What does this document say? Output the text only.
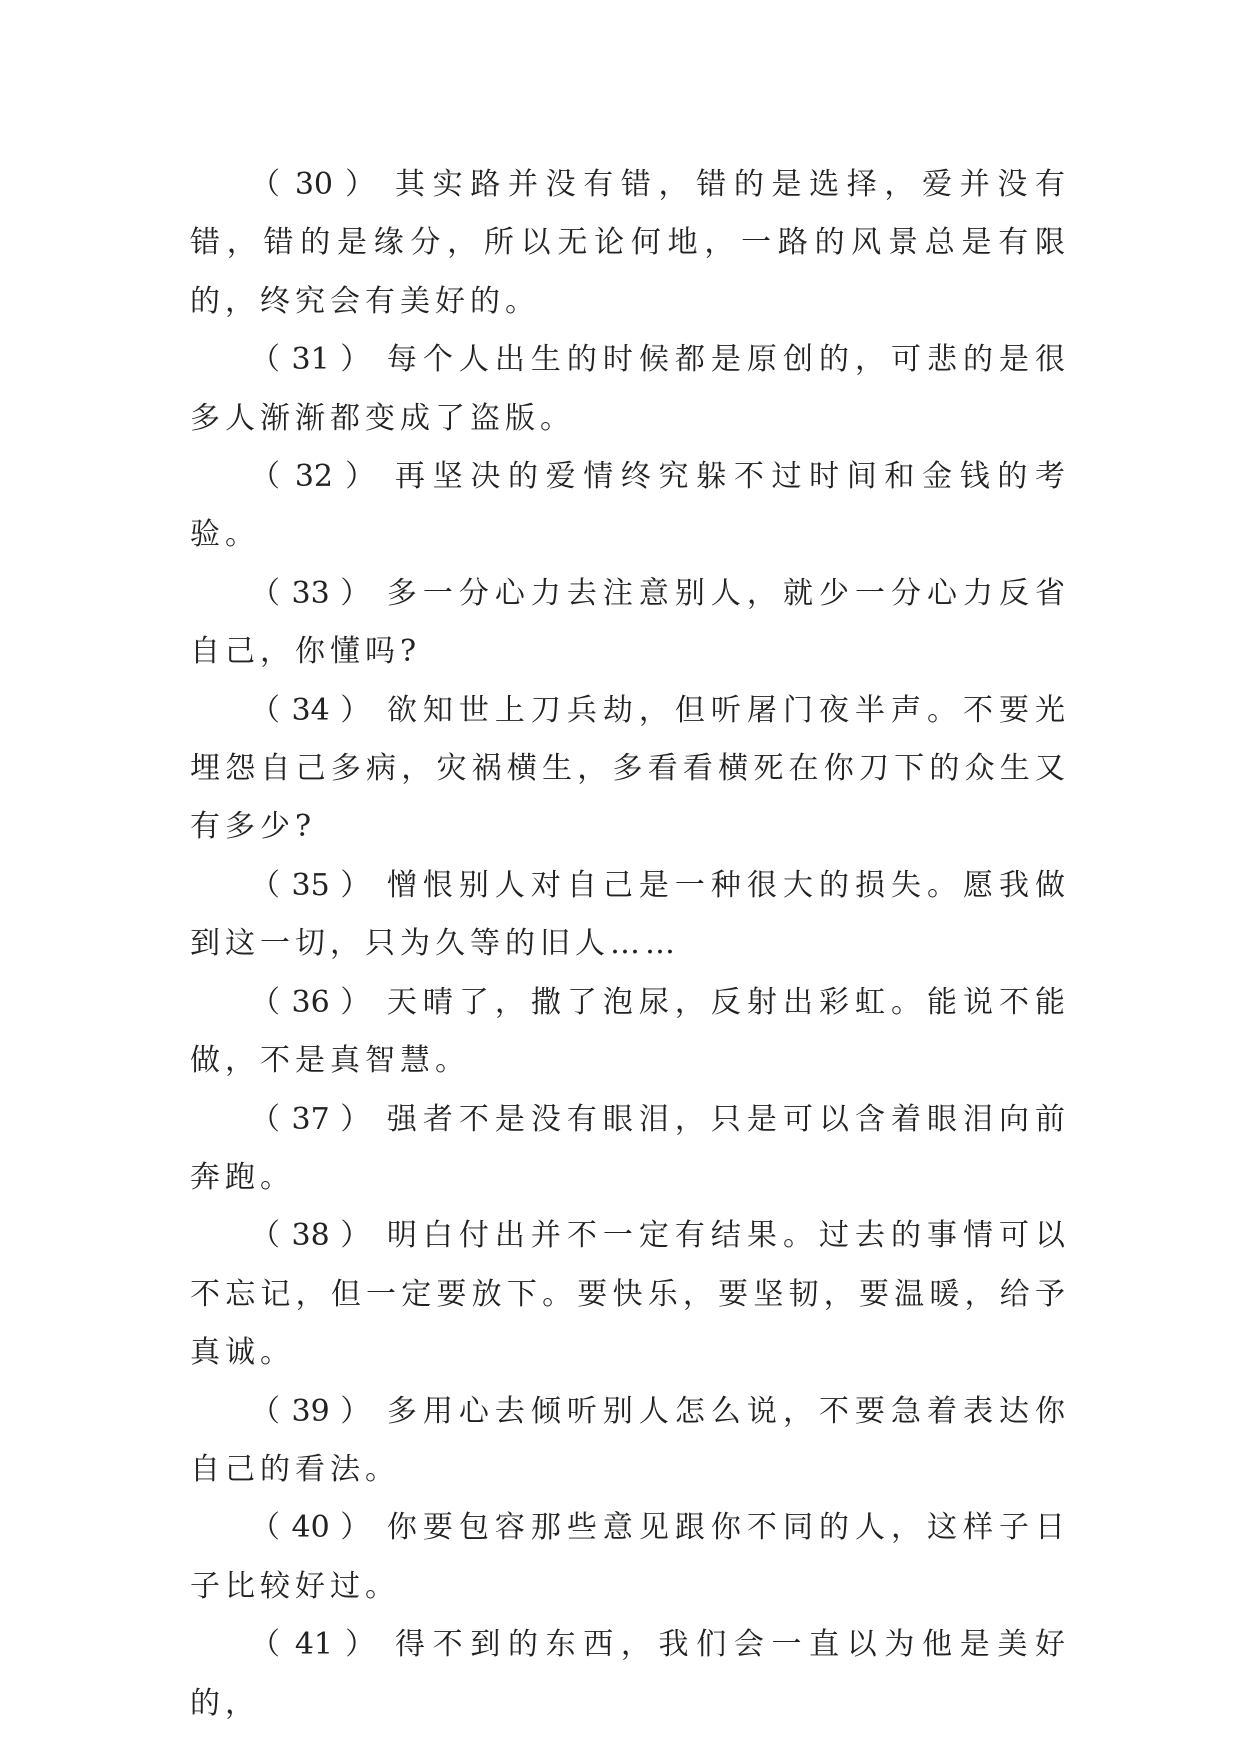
（ 30 ） 其实路并没有错，错的是选择，爱并没有错，错的是缘分，所以无论何地，一路的风景总是有限的，终究会有美好的。

（ 31 ） 每个人出生的时候都是原创的，可悲的是很多人渐渐都变成了盗版。

（ 32 ） 再坚决的爱情终究躲不过时间和金钱的考验。

（ 33 ） 多一分心力去注意别人，就少一分心力反省自己，你懂吗?

（ 34 ） 欲知世上刀兵劫，但听屠门夜半声。不要光埋怨自己多病，灾祸横生，多看看横死在你刀下的众生又有多少?

（ 35 ） 憎恨别人对自己是一种很大的损失。愿我做到这一切，只为久等的旧人……

（ 36 ） 天晴了，撒了泡尿，反射出彩虹。能说不能做，不是真智慧。

（ 37 ） 强者不是没有眼泪，只是可以含着眼泪向前奔跑。

（ 38 ） 明白付出并不一定有结果。过去的事情可以不忘记，但一定要放下。要快乐，要坚韧，要温暖，给予真诚。

（ 39 ） 多用心去倾听别人怎么说，不要急着表达你自己的看法。

（ 40 ） 你要包容那些意见跟你不同的人，这样子日子比较好过。

（ 41 ） 得不到的东西，我们会一直以为他是美好的，
